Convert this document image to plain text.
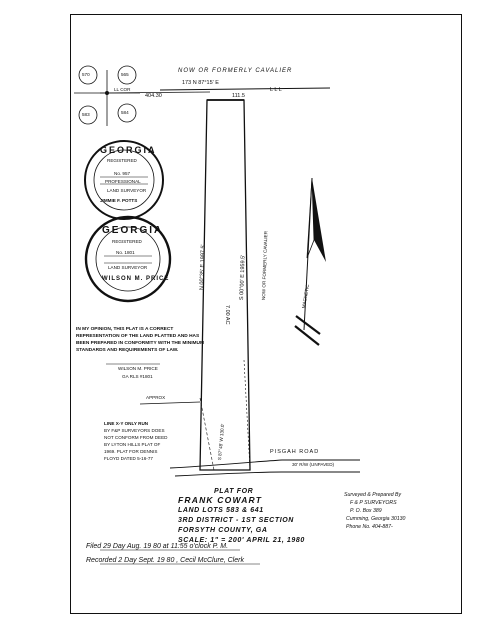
NOW OR FORMERLY CAVALIER
173 N 87°15' E
111.5
404.30
L L L
LL COR
570	565
583	584
N 00°35' E 1997.5'	S 00°00' E 1959.5'
7.00 AC
NOW OR FORMERLY CAVALIER
S 87°48' W 130.0'
APPROX
MAGNETIC
PISGAH ROAD
30' R/W (UNPAVED)
GEORGIA
REGISTERED
No. 957
PROFESSIONAL
LAND SURVEYOR
JIMMIE F. POTTS
GEORGIA
REGISTERED
No. 1801
LAND SURVEYOR
WILSON M. PRICE
IN MY OPINION, THIS PLAT IS A CORRECT REPRESENTATION OF THE LAND PLATTED AND HAS BEEN PREPARED IN CONFORMITY WITH THE MINIMUM STANDARDS AND REQUIREMENTS OF LAW.
WILSON M. PRICE
GA RLS #1801
LINE X-Y ONLY RUN
BY F&P SURVEYORS DOES
NOT CONFORM FROM DEED
BY LYTON HILLS PLAT OF
1969. PLAT FOR DENNIS
FLOYD DATED 5-16-77
PLAT FOR
FRANK COWART
LAND LOTS 583 & 641
3RD DISTRICT - 1ST SECTION
FORSYTH COUNTY, GA
SCALE: 1" = 200' APRIL 21, 1980
Surveyed & Prepared By
F & P SURVEYORS
P. O. Box 389
Cumming, Georgia 30130
Phone No. 404-887-
Filed 29 Day Aug. 19 80 at 11:55 o'clock P. M.
Recorded 2 Day Sept. 19 80 , Cecil McClure, Clerk
